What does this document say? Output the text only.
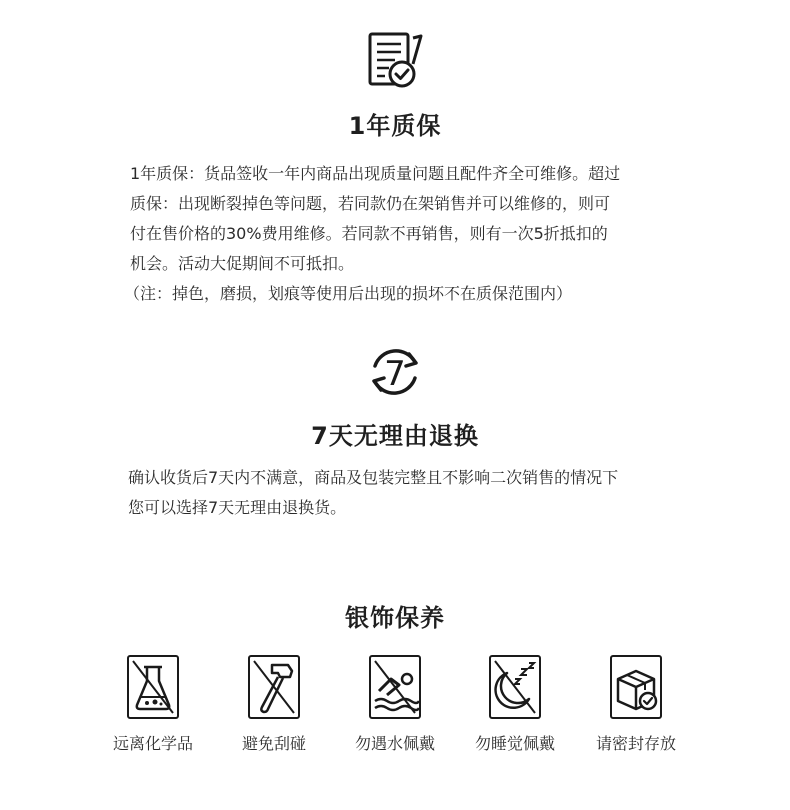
1年质保

1年质保：货品签收一年内商品出现质量问题且配件齐全可维修。超过
质保：出现断裂掉色等问题，若同款仍在架销售并可以维修的，则可
付在售价格的30%费用维修。若同款不再销售，则有一次5折抵扣的
机会。活动大促期间不可抵扣。
（注：掉色，磨损，划痕等使用后出现的损坏不在质保范围内）

7
7天无理由退换

确认收货后7天内不满意，商品及包装完整且不影响二次销售的情况下
您可以选择7天无理由退换货。

银饰保养
远离化学品	避免刮碰	勿遇水佩戴	勿睡觉佩戴	请密封存放
